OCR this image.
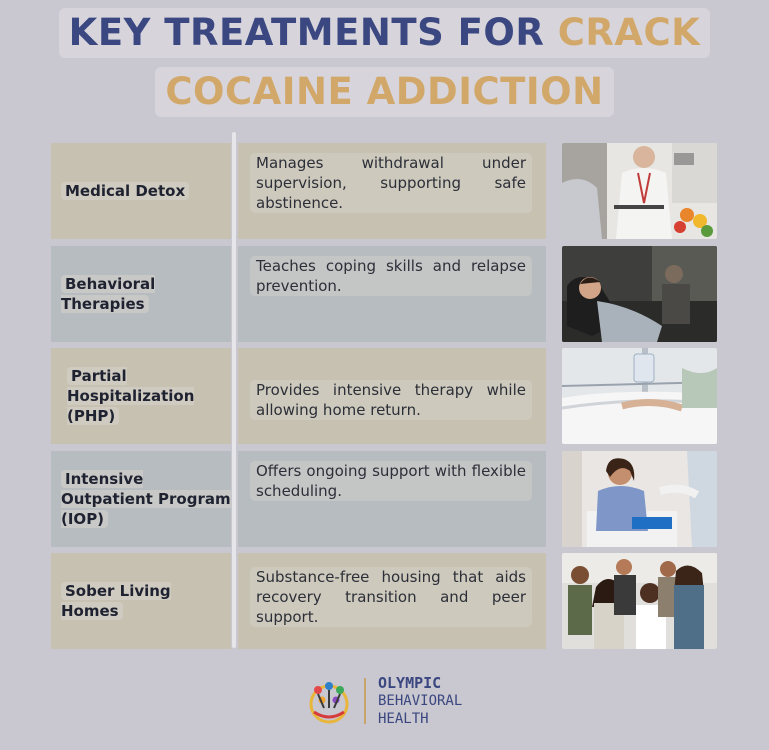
KEY TREATMENTS FOR CRACK
COCAINE ADDICTION
Medical Detox
Manages withdrawal under supervision, supporting safe abstinence.
Behavioral Therapies
Teaches coping skills and relapse prevention.
Partial Hospitalization (PHP)
Provides intensive therapy while allowing home return.
Intensive Outpatient Program (IOP)
Offers ongoing support with flexible scheduling.
Sober Living Homes
Substance-free housing that aids recovery transition and peer support.
OLYMPIC
BEHAVIORAL
HEALTH
